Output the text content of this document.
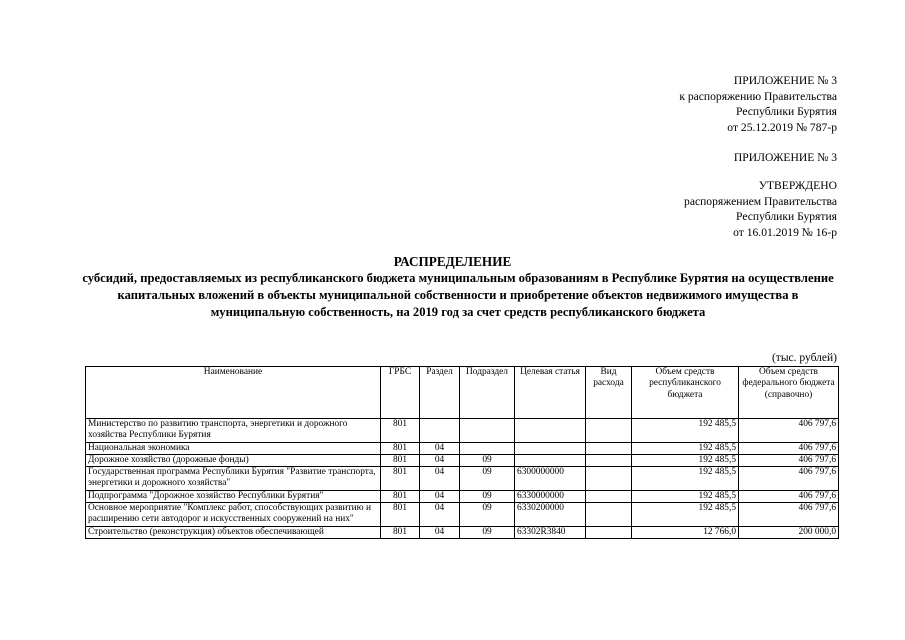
ПРИЛОЖЕНИЕ № 3
к распоряжению Правительства
Республики Бурятия
от 25.12.2019 № 787-р
ПРИЛОЖЕНИЕ № 3
УТВЕРЖДЕНО
распоряжением Правительства
Республики Бурятия
от 16.01.2019 № 16-р
РАСПРЕДЕЛЕНИЕ
субсидий, предоставляемых из республиканского бюджета муниципальным образованиям в Республике Бурятия на осуществление капитальных вложений в объекты муниципальной собственности и приобретение объектов недвижимого имущества в муниципальную собственность, на 2019 год за счет средств республиканского бюджета
(тыс. рублей)
Наименование	ГРБС	Раздел	Подраздел	Целевая статья	Вид расхода	Объем средств республиканского бюджета	Объем средств федерального бюджета (справочно)
Министерство по развитию транспорта, энергетики и дорожного хозяйства Республики Бурятия	801					192 485,5	406 797,6
Национальная экономика	801	04				192 485,5	406 797,6
Дорожное хозяйство (дорожные фонды)	801	04	09			192 485,5	406 797,6
Государственная программа Республики Бурятия "Развитие транспорта, энергетики и дорожного хозяйства"	801	04	09	6300000000		192 485,5	406 797,6
Подпрограмма "Дорожное хозяйство Республики Бурятия"	801	04	09	6330000000		192 485,5	406 797,6
Основное мероприятие "Комплекс работ, способствующих развитию и расширению сети автодорог и искусственных сооружений на них"	801	04	09	6330200000		192 485,5	406 797,6
Строительство (реконструкция) объектов обеспечивающей	801	04	09	63302R3840		12 766,0	200 000,0
